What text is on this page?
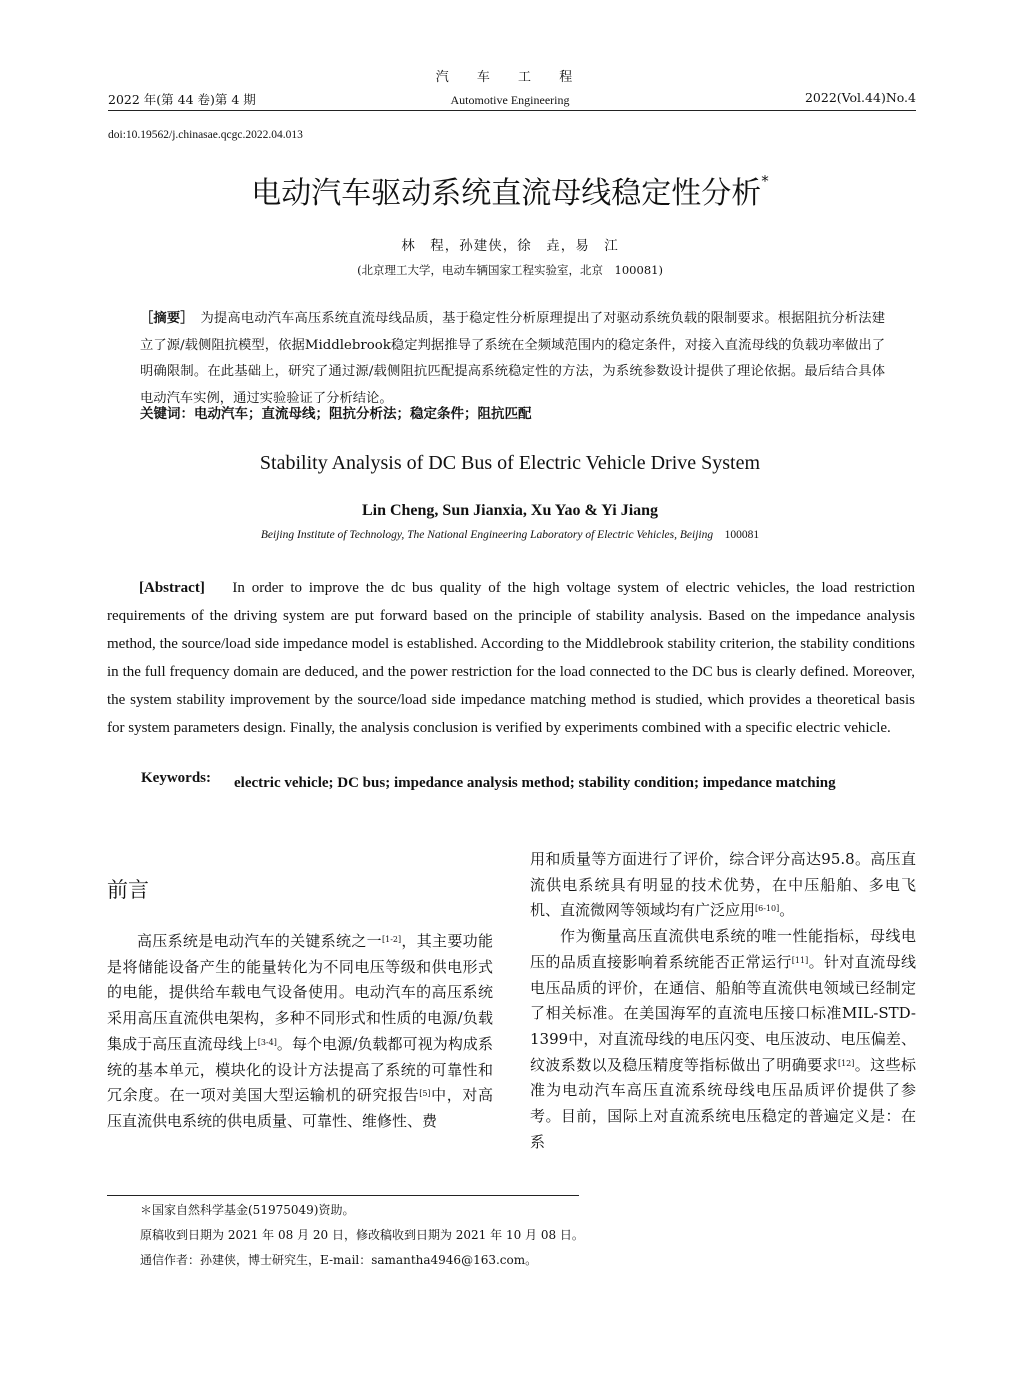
汽 车 工 程
2022 年(第 44 卷)第 4 期	Automotive Engineering	2022(Vol.44)No.4
doi:10.19562/j.chinasae.qcgc.2022.04.013
电动汽车驱动系统直流母线稳定性分析*
林　程，孙建侠，徐　垚，易　江
(北京理工大学，电动车辆国家工程实验室，北京　100081)
［摘要］　 为提高电动汽车高压系统直流母线品质，基于稳定性分析原理提出了对驱动系统负载的限制要求。根据阻抗分析法建立了源/载侧阻抗模型，依据Middlebrook稳定判据推导了系统在全频域范围内的稳定条件，对接入直流母线的负载功率做出了明确限制。在此基础上，研究了通过源/载侧阻抗匹配提高系统稳定性的方法，为系统参数设计提供了理论依据。最后结合具体电动汽车实例，通过实验验证了分析结论。
关键词：电动汽车；直流母线；阻抗分析法；稳定条件；阻抗匹配
Stability Analysis of DC Bus of Electric Vehicle Drive System
Lin Cheng, Sun Jianxia, Xu Yao & Yi Jiang
Beijing Institute of Technology, The National Engineering Laboratory of Electric Vehicles, Beijing 100081
[Abstract] In order to improve the dc bus quality of the high voltage system of electric vehicles, the load restriction requirements of the driving system are put forward based on the principle of stability analysis. Based on the impedance analysis method, the source/load side impedance model is established. According to the Middlebrook stability criterion, the stability conditions in the full frequency domain are deduced, and the power restriction for the load connected to the DC bus is clearly defined. Moreover, the system stability improvement by the source/load side impedance matching method is studied, which provides a theoretical basis for system parameters design. Finally, the analysis conclusion is verified by experiments combined with a specific electric vehicle.
Keywords: electric vehicle; DC bus; impedance analysis method; stability condition; impedance matching
前言

高压系统是电动汽车的关键系统之一[1-2]，其主要功能是将储能设备产生的能量转化为不同电压等级和供电形式的电能，提供给车载电气设备使用。电动汽车的高压系统采用高压直流供电架构，多种不同形式和性质的电源/负载集成于高压直流母线上[3-4]。每个电源/负载都可视为构成系统的基本单元，模块化的设计方法提高了系统的可靠性和冗余度。在一项对美国大型运输机的研究报告[5]中，对高压直流供电系统的供电质量、可靠性、维修性、费

用和质量等方面进行了评价，综合评分高达95.8。高压直流供电系统具有明显的技术优势，在中压船舶、多电飞机、直流微网等领域均有广泛应用[6-10]。

作为衡量高压直流供电系统的唯一性能指标，母线电压的品质直接影响着系统能否正常运行[11]。针对直流母线电压品质的评价，在通信、船舶等直流供电领域已经制定了相关标准。在美国海军的直流电压接口标准MIL-STD-1399中，对直流母线的电压闪变、电压波动、电压偏差、纹波系数以及稳压精度等指标做出了明确要求[12]。这些标准为电动汽车高压直流系统母线电压品质评价提供了参考。目前，国际上对直流系统电压稳定的普遍定义是：在系

＊国家自然科学基金(51975049)资助。
原稿收到日期为 2021 年 08 月 20 日，修改稿收到日期为 2021 年 10 月 08 日。
通信作者：孙建侠，博士研究生，E-mail：samantha4946@163.com。
